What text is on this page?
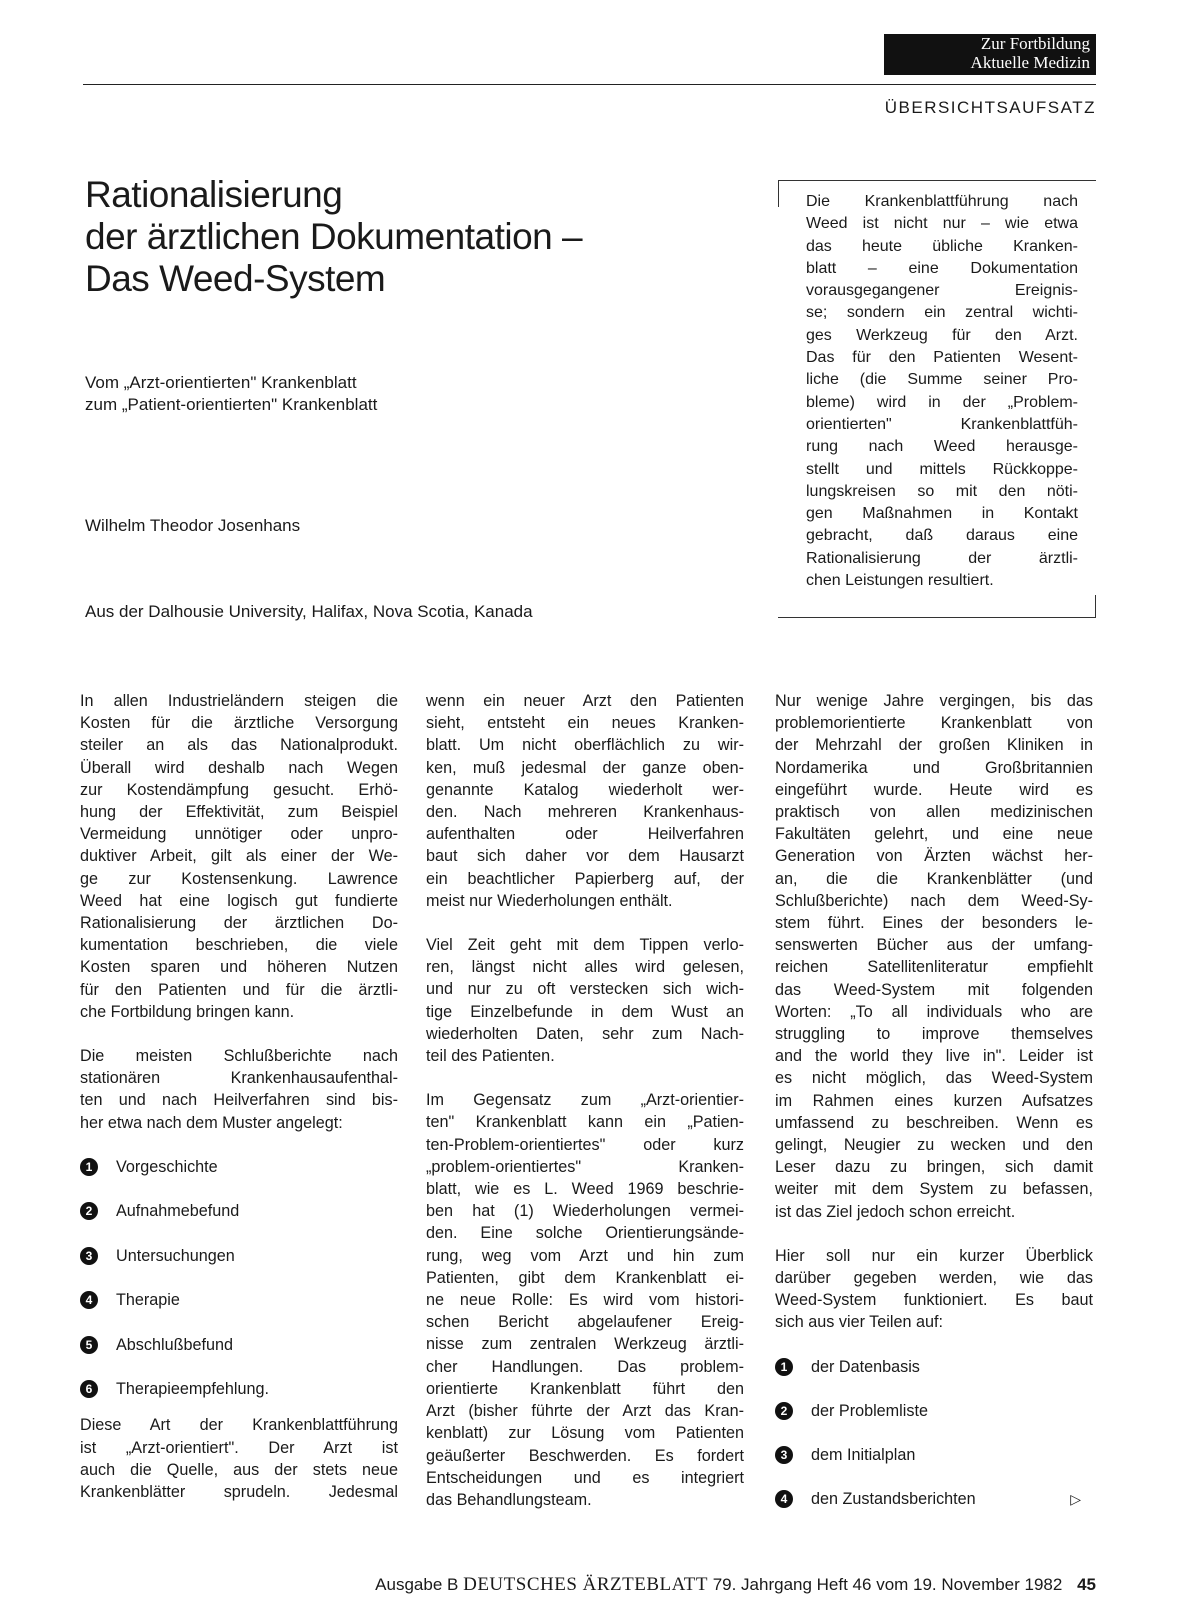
Zur Fortbildung
Aktuelle Medizin
ÜBERSICHTSAUFSATZ
Rationalisierung
der ärztlichen Dokumentation –
Das Weed-System
Vom „Arzt-orientierten" Krankenblatt
zum „Patient-orientierten" Krankenblatt
Wilhelm Theodor Josenhans
Aus der Dalhousie University, Halifax, Nova Scotia, Kanada

Die Krankenblattführung nach
Weed ist nicht nur – wie etwa
das heute übliche Kranken-
blatt – eine Dokumentation
vorausgegangener Ereignis-
se; sondern ein zentral wichti-
ges Werkzeug für den Arzt.
Das für den Patienten Wesent-
liche (die Summe seiner Pro-
bleme) wird in der „Problem-
orientierten" Krankenblattfüh-
rung nach Weed herausge-
stellt und mittels Rückkoppe-
lungskreisen so mit den nöti-
gen Maßnahmen in Kontakt
gebracht, daß daraus eine
Rationalisierung der ärztli-
chen Leistungen resultiert.

In allen Industrieländern steigen die
Kosten für die ärztliche Versorgung
steiler an als das Nationalprodukt.
Überall wird deshalb nach Wegen
zur Kostendämpfung gesucht. Erhö-
hung der Effektivität, zum Beispiel
Vermeidung unnötiger oder unpro-
duktiver Arbeit, gilt als einer der We-
ge zur Kostensenkung. Lawrence
Weed hat eine logisch gut fundierte
Rationalisierung der ärztlichen Do-
kumentation beschrieben, die viele
Kosten sparen und höheren Nutzen
für den Patienten und für die ärztli-
che Fortbildung bringen kann.

Die meisten Schlußberichte nach
stationären Krankenhausaufenthal-
ten und nach Heilverfahren sind bis-
her etwa nach dem Muster angelegt:

1	Vorgeschichte
2	Aufnahmebefund
3	Untersuchungen
4	Therapie
5	Abschlußbefund
6	Therapieempfehlung.

Diese Art der Krankenblattführung
ist „Arzt-orientiert". Der Arzt ist
auch die Quelle, aus der stets neue
Krankenblätter sprudeln. Jedesmal

wenn ein neuer Arzt den Patienten
sieht, entsteht ein neues Kranken-
blatt. Um nicht oberflächlich zu wir-
ken, muß jedesmal der ganze oben-
genannte Katalog wiederholt wer-
den. Nach mehreren Krankenhaus-
aufenthalten oder Heilverfahren
baut sich daher vor dem Hausarzt
ein beachtlicher Papierberg auf, der
meist nur Wiederholungen enthält.

Viel Zeit geht mit dem Tippen verlo-
ren, längst nicht alles wird gelesen,
und nur zu oft verstecken sich wich-
tige Einzelbefunde in dem Wust an
wiederholten Daten, sehr zum Nach-
teil des Patienten.

Im Gegensatz zum „Arzt-orientier-
ten" Krankenblatt kann ein „Patien-
ten-Problem-orientiertes" oder kurz
„problem-orientiertes" Kranken-
blatt, wie es L. Weed 1969 beschrie-
ben hat (1) Wiederholungen vermei-
den. Eine solche Orientierungsände-
rung, weg vom Arzt und hin zum
Patienten, gibt dem Krankenblatt ei-
ne neue Rolle: Es wird vom histori-
schen Bericht abgelaufener Ereig-
nisse zum zentralen Werkzeug ärztli-
cher Handlungen. Das problem-
orientierte Krankenblatt führt den
Arzt (bisher führte der Arzt das Kran-
kenblatt) zur Lösung vom Patienten
geäußerter Beschwerden. Es fordert
Entscheidungen und es integriert
das Behandlungsteam.

Nur wenige Jahre vergingen, bis das
problemorientierte Krankenblatt von
der Mehrzahl der großen Kliniken in
Nordamerika und Großbritannien
eingeführt wurde. Heute wird es
praktisch von allen medizinischen
Fakultäten gelehrt, und eine neue
Generation von Ärzten wächst her-
an, die die Krankenblätter (und
Schlußberichte) nach dem Weed-Sy-
stem führt. Eines der besonders le-
senswerten Bücher aus der umfang-
reichen Satellitenliteratur empfiehlt
das Weed-System mit folgenden
Worten: „To all individuals who are
struggling to improve themselves
and the world they live in". Leider ist
es nicht möglich, das Weed-System
im Rahmen eines kurzen Aufsatzes
umfassend zu beschreiben. Wenn es
gelingt, Neugier zu wecken und den
Leser dazu zu bringen, sich damit
weiter mit dem System zu befassen,
ist das Ziel jedoch schon erreicht.

Hier soll nur ein kurzer Überblick
darüber gegeben werden, wie das
Weed-System funktioniert. Es baut
sich aus vier Teilen auf:

1	der Datenbasis
2	der Problemliste
3	dem Initialplan
4	den Zustandsberichten	▷
Ausgabe B DEUTSCHES ÄRZTEBLATT 79. Jahrgang Heft 46 vom 19. November 1982 45
